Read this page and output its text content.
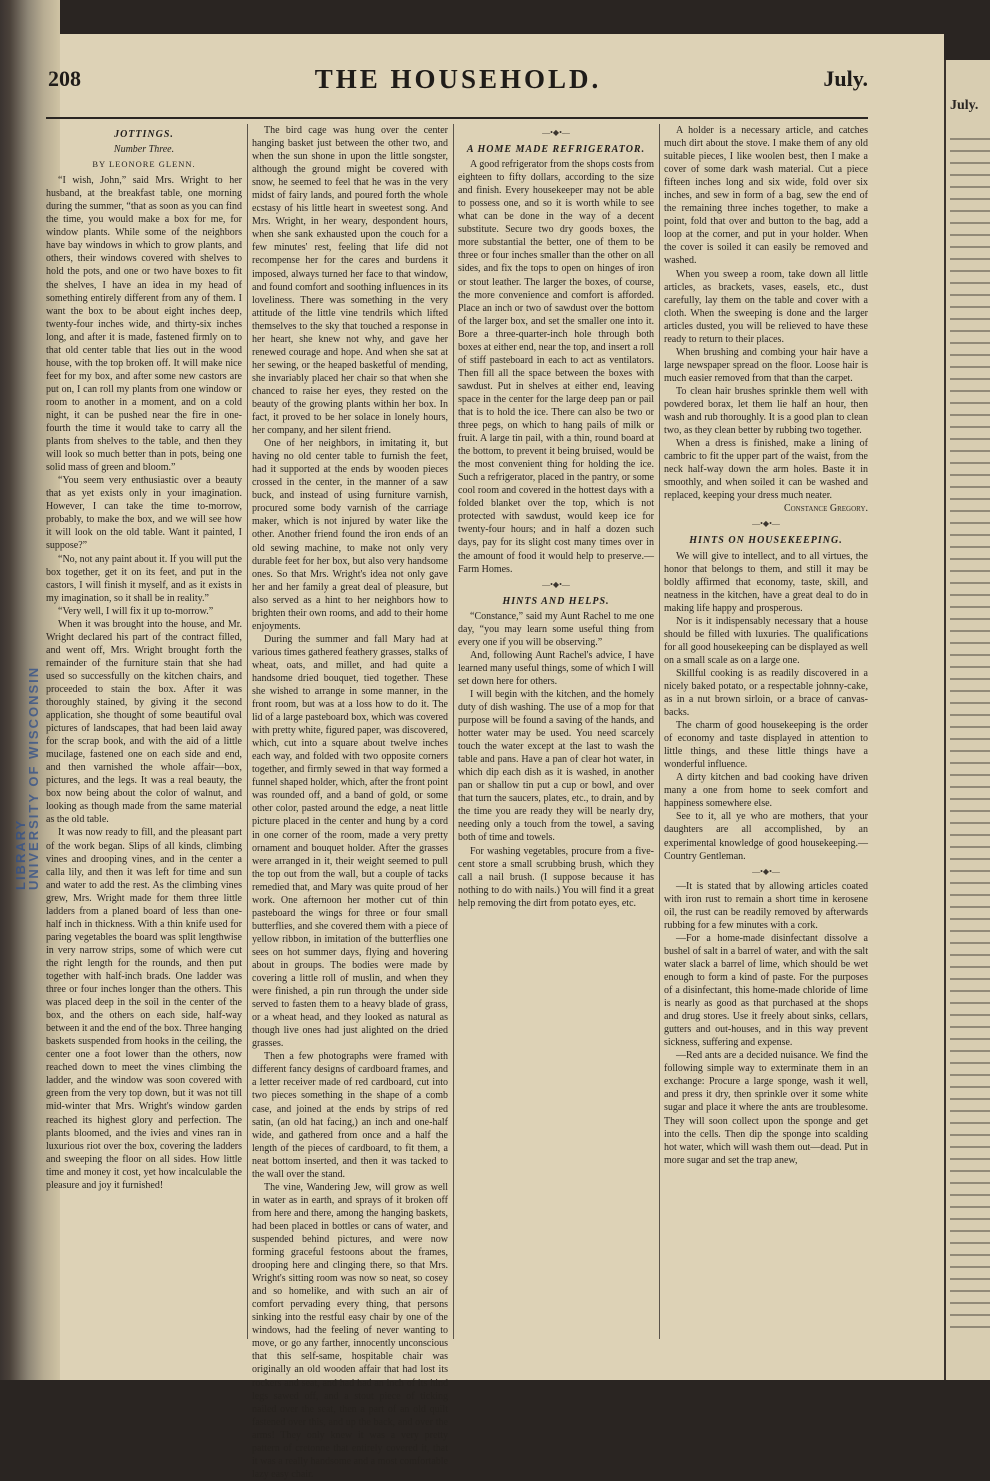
LIBRARY
UNIVERSITY OF WISCONSIN
July.
208	THE HOUSEHOLD.	July.
JOTTINGS.
Number Three.
BY LEONORE GLENN.

“I wish, John,” said Mrs. Wright to her husband, at the breakfast table, one morning during the summer, “that as soon as you can find the time, you would make a box for me, for window plants. While some of the neighbors have bay windows in which to grow plants, and others, their windows covered with shelves to hold the pots, and one or two have boxes to fit the shelves, I have an idea in my head of something entirely different from any of them. I want the box to be about eight inches deep, twenty-four inches wide, and thirty-six inches long, and after it is made, fastened firmly on to that old center table that lies out in the wood house, with the top broken off. It will make nice feet for my box, and after some new castors are put on, I can roll my plants from one window or room to another in a moment, and on a cold night, it can be pushed near the fire in one-fourth the time it would take to carry all the plants from shelves to the table, and then they will look so much better than in pots, being one solid mass of green and bloom.”

“You seem very enthusiastic over a beauty that as yet exists only in your imagination. However, I can take the time to-morrow, probably, to make the box, and we will see how it will look on the old table. Want it painted, I suppose?”

“No, not any paint about it. If you will put the box together, get it on its feet, and put in the castors, I will finish it myself, and as it exists in my imagination, so it shall be in reality.”

“Very well, I will fix it up to-morrow.”

When it was brought into the house, and Mr. Wright declared his part of the contract filled, and went off, Mrs. Wright brought forth the remainder of the furniture stain that she had used so successfully on the kitchen chairs, and proceeded to stain the box. After it was thoroughly stained, by giving it the second application, she thought of some beautiful oval pictures of landscapes, that had been laid away for the scrap book, and with the aid of a little mucilage, fastened one on each side and end, and then varnished the whole affair—box, pictures, and the legs. It was a real beauty, the box now being about the color of walnut, and looking as though made from the same material as the old table.

It was now ready to fill, and the pleasant part of the work began. Slips of all kinds, climbing vines and drooping vines, and in the center a calla lily, and then it was left for time and sun and water to add the rest. As the climbing vines grew, Mrs. Wright made for them three little ladders from a planed board of less than one-half inch in thickness. With a thin knife used for paring vegetables the board was split lengthwise in very narrow strips, some of which were cut the right length for the rounds, and then put together with half-inch brads. One ladder was three or four inches longer than the others. This was placed deep in the soil in the center of the box, and the others on each side, half-way between it and the end of the box. Three hanging baskets suspended from hooks in the ceiling, the center one a foot lower than the others, now reached down to meet the vines climbing the ladder, and the window was soon covered with green from the very top down, but it was not till mid-winter that Mrs. Wright's window garden reached its highest glory and perfection. The plants bloomed, and the ivies and vines ran in luxurious riot over the box, covering the ladders and sweeping the floor on all sides. How little time and money it cost, yet how incalculable the pleasure and joy it furnished!

The bird cage was hung over the center hanging basket just between the other two, and when the sun shone in upon the little songster, although the ground might be covered with snow, he seemed to feel that he was in the very midst of fairy lands, and poured forth the whole ecstasy of his little heart in sweetest song. And Mrs. Wright, in her weary, despondent hours, when she sank exhausted upon the couch for a few minutes' rest, feeling that life did not recompense her for the cares and burdens it imposed, always turned her face to that window, and found comfort and soothing influences in its loveliness. There was something in the very attitude of the little vine tendrils which lifted themselves to the sky that touched a response in her heart, she knew not why, and gave her renewed courage and hope. And when she sat at her sewing, or the heaped basketful of mending, she invariably placed her chair so that when she chanced to raise her eyes, they rested on the beauty of the growing plants within her box. In fact, it proved to be her solace in lonely hours, her company, and her silent friend.

One of her neighbors, in imitating it, but having no old center table to furnish the feet, had it supported at the ends by wooden pieces crossed in the center, in the manner of a saw buck, and instead of using furniture varnish, procured some body varnish of the carriage maker, which is not injured by water like the other. Another friend found the iron ends of an old sewing machine, to make not only very durable feet for her box, but also very handsome ones. So that Mrs. Wright's idea not only gave her and her family a great deal of pleasure, but also served as a hint to her neighbors how to brighten their own rooms, and add to their home enjoyments.

During the summer and fall Mary had at various times gathered feathery grasses, stalks of wheat, oats, and millet, and had quite a handsome dried bouquet, tied together. These she wished to arrange in some manner, in the front room, but was at a loss how to do it. The lid of a large pasteboard box, which was covered with pretty white, figured paper, was discovered, which, cut into a square about twelve inches each way, and folded with two opposite corners together, and firmly sewed in that way formed a funnel shaped holder, which, after the front point was rounded off, and a band of gold, or some other color, pasted around the edge, a neat little picture placed in the center and hung by a cord in one corner of the room, made a very pretty ornament and bouquet holder. After the grasses were arranged in it, their weight seemed to pull the top out from the wall, but a couple of tacks remedied that, and Mary was quite proud of her work. One afternoon her mother cut of thin pasteboard the wings for three or four small butterflies, and she covered them with a piece of yellow ribbon, in imitation of the butterflies one sees on hot summer days, flying and hovering about in groups. The bodies were made by covering a little roll of muslin, and when they were finished, a pin run through the under side served to fasten them to a heavy blade of grass, or a wheat head, and they looked as natural as though live ones had just alighted on the dried grasses.

Then a few photographs were framed with different fancy designs of cardboard frames, and a letter receiver made of red cardboard, cut into two pieces something in the shape of a comb case, and joined at the ends by strips of red satin, (an old hat facing,) an inch and one-half wide, and gathered from once and a half the length of the pieces of cardboard, to fit them, a neat bottom inserted, and then it was tacked to the wall over the stand.

The vine, Wandering Jew, will grow as well in water as in earth, and sprays of it broken off from here and there, among the hanging baskets, had been placed in bottles or cans of water, and suspended behind pictures, and were now forming graceful festoons about the frames, drooping here and clinging there, so that Mrs. Wright's sitting room was now so neat, so cosey and so homelike, and with such an air of comfort pervading every thing, that persons sinking into the restful easy chair by one of the windows, had the feeling of never wanting to move, or go any farther, innocently unconscious that this self-same, hospitable chair was originally an old wooden affair that had lost its rockers and seat, and had had an inch of its hind legs sawed off, and a stout piece of ticking nailed over the seat, then a part of an old quilt fastened over this, and up the back, and over the arms! They only knew it was a very pretty pattern of cretonne that entirely covered it, that it was a really handsome and a most comfortable lazy easy chair.

—•◆•—
A HOME MADE REFRIGERATOR.

A good refrigerator from the shops costs from eighteen to fifty dollars, according to the size and finish. Every housekeeper may not be able to possess one, and so it is worth while to see what can be done in the way of a decent substitute. Secure two dry goods boxes, the more substantial the better, one of them to be three or four inches smaller than the other on all sides, and fix the tops to open on hinges of iron or stout leather. The larger the boxes, of course, the more convenience and comfort is afforded. Place an inch or two of sawdust over the bottom of the larger box, and set the smaller one into it. Bore a three-quarter-inch hole through both boxes at either end, near the top, and insert a roll of stiff pasteboard in each to act as ventilators. Then fill all the space between the boxes with sawdust. Put in shelves at either end, leaving space in the center for the large deep pan or pail that is to hold the ice. There can also be two or three pegs, on which to hang pails of milk or fruit. A large tin pail, with a thin, round board at the bottom, to prevent it being bruised, would be the most convenient thing for holding the ice. Such a refrigerator, placed in the pantry, or some cool room and covered in the hottest days with a folded blanket over the top, which is not protected with sawdust, would keep ice for twenty-four hours; and in half a dozen such days, pay for its slight cost many times over in the amount of food it would help to preserve.—Farm Homes.

—•◆•—
HINTS AND HELPS.

“Constance,” said my Aunt Rachel to me one day, “you may learn some useful thing from every one if you will be observing.”

And, following Aunt Rachel's advice, I have learned many useful things, some of which I will set down here for others.

I will begin with the kitchen, and the homely duty of dish washing. The use of a mop for that purpose will be found a saving of the hands, and hotter water may be used. You need scarcely touch the water except at the last to wash the table and pans. Have a pan of clear hot water, in which dip each dish as it is washed, in another pan or shallow tin put a cup or bowl, and over that turn the saucers, plates, etc., to drain, and by the time you are ready they will be nearly dry, needing only a touch from the towel, a saving both of time and towels.

For washing vegetables, procure from a five-cent store a small scrubbing brush, which they call a nail brush. (I suppose because it has nothing to do with nails.) You will find it a great help removing the dirt from potato eyes, etc.

A holder is a necessary article, and catches much dirt about the stove. I make them of any old suitable pieces, I like woolen best, then I make a cover of some dark wash material. Cut a piece fifteen inches long and six wide, fold over six inches, and sew in form of a bag, sew the end of the remaining three inches together, to make a point, fold that over and button to the bag, add a loop at the corner, and put in your holder. When the cover is soiled it can easily be removed and washed.

When you sweep a room, take down all little articles, as brackets, vases, easels, etc., dust carefully, lay them on the table and cover with a cloth. When the sweeping is done and the larger articles dusted, you will be relieved to have these ready to return to their places.

When brushing and combing your hair have a large newspaper spread on the floor. Loose hair is much easier removed from that than the carpet.

To clean hair brushes sprinkle them well with powdered borax, let them lie half an hour, then wash and rub thoroughly. It is a good plan to clean two, as they clean better by rubbing two together.

When a dress is finished, make a lining of cambric to fit the upper part of the waist, from the neck half-way down the arm holes. Baste it in smoothly, and when soiled it can be washed and replaced, keeping your dress much neater.

Constance Gregory.
—•◆•—
HINTS ON HOUSEKEEPING.

We will give to intellect, and to all virtues, the honor that belongs to them, and still it may be boldly affirmed that economy, taste, skill, and neatness in the kitchen, have a great deal to do in making life happy and prosperous.

Nor is it indispensably necessary that a house should be filled with luxuries. The qualifications for all good housekeeping can be displayed as well on a small scale as on a large one.

Skillful cooking is as readily discovered in a nicely baked potato, or a respectable johnny-cake, as in a nut brown sirloin, or a brace of canvas-backs.

The charm of good housekeeping is the order of economy and taste displayed in attention to little things, and these little things have a wonderful influence.

A dirty kitchen and bad cooking have driven many a one from home to seek comfort and happiness somewhere else.

See to it, all ye who are mothers, that your daughters are all accomplished, by an experimental knowledge of good housekeeping.—Country Gentleman.

—•◆•—

—It is stated that by allowing articles coated with iron rust to remain a short time in kerosene oil, the rust can be readily removed by afterwards rubbing for a few minutes with a cork.

—For a home-made disinfectant dissolve a bushel of salt in a barrel of water, and with the salt water slack a barrel of lime, which should be wet enough to form a kind of paste. For the purposes of a disinfectant, this home-made chloride of lime is nearly as good as that purchased at the shops and drug stores. Use it freely about sinks, cellars, gutters and out-houses, and in this way prevent sickness, suffering and expense.

—Red ants are a decided nuisance. We find the following simple way to exterminate them in an exchange: Procure a large sponge, wash it well, and press it dry, then sprinkle over it some white sugar and place it where the ants are troublesome. They will soon collect upon the sponge and get into the cells. Then dip the sponge into scalding hot water, which will wash them out—dead. Put in more sugar and set the trap anew,
